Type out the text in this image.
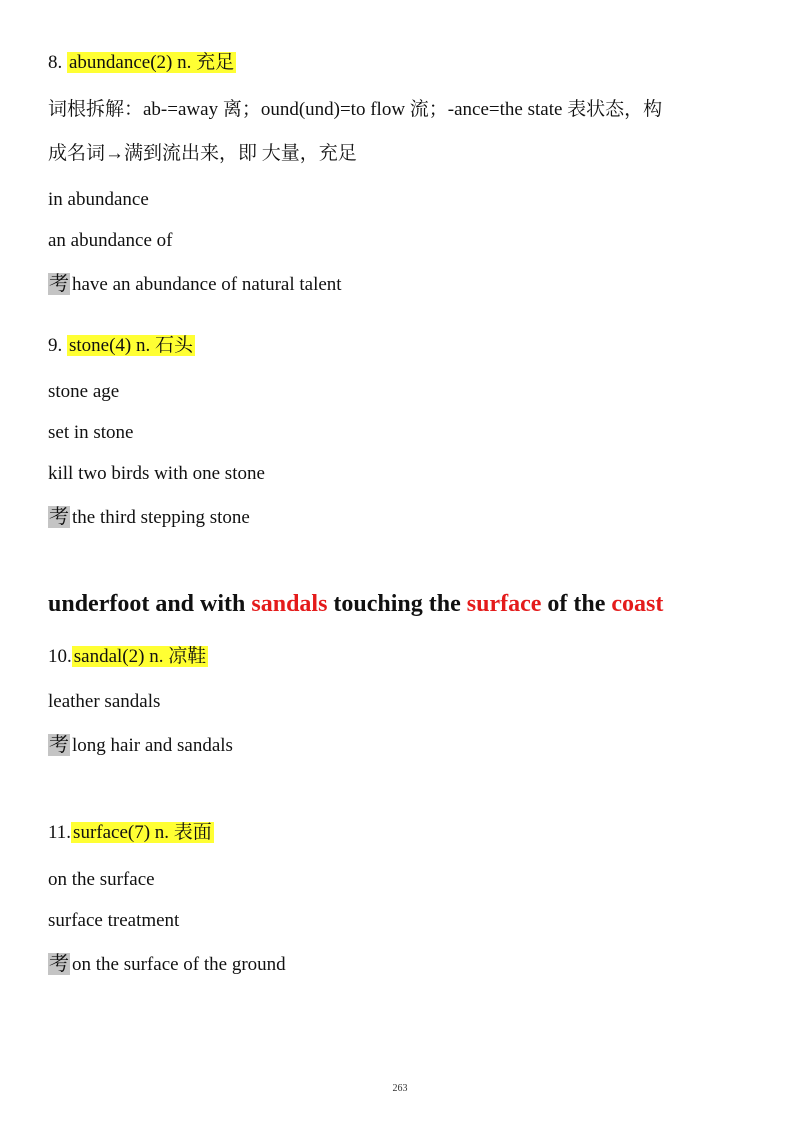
8. abundance(2) n. 充足
词根拆解：ab-=away 离；ound(und)=to flow 流；-ance=the state 表状态，构
成名词→满到流出来，即 大量，充足
in abundance
an abundance of
考 have an abundance of natural talent
9. stone(4) n. 石头
stone age
set in stone
kill two birds with one stone
考 the third stepping stone
underfoot and with sandals touching the surface of the coast
10. sandal(2) n. 凉鞋
leather sandals
考 long hair and sandals
11. surface(7) n. 表面
on the surface
surface treatment
考 on the surface of the ground
263
